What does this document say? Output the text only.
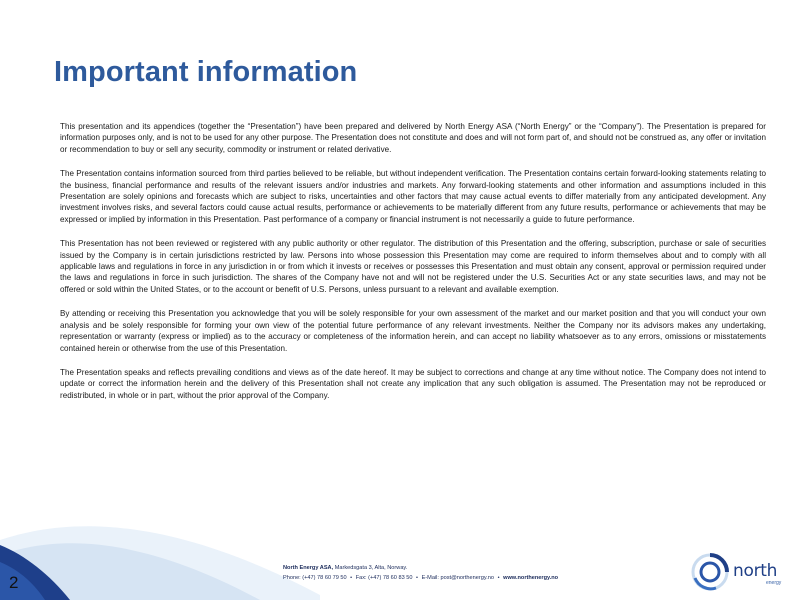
Important information

This presentation and its appendices (together the “Presentation”) have been prepared and delivered by North Energy ASA (“North Energy” or the “Company”). The Presentation is prepared for information purposes only, and is not to be used for any other purpose. The Presentation does not constitute and does and will not form part of, and should not be construed as, any offer or invitation or recommendation to buy or sell any security, commodity or instrument or related derivative.

The Presentation contains information sourced from third parties believed to be reliable, but without independent verification. The Presentation contains certain forward-looking statements relating to the business, financial performance and results of the relevant issuers and/or industries and markets. Any forward-looking statements and other information and assumptions included in this Presentation are solely opinions and forecasts which are subject to risks, uncertainties and other factors that may cause actual events to differ materially from any anticipated development. Any investment involves risks, and several factors could cause actual results, performance or achievements to be materially different from any future results, performance or achievements that may be expressed or implied by information in this Presentation. Past performance of a company or financial instrument is not necessarily a guide to future performance.

This Presentation has not been reviewed or registered with any public authority or other regulator. The distribution of this Presentation and the offering, subscription, purchase or sale of securities issued by the Company is in certain jurisdictions restricted by law. Persons into whose possession this Presentation may come are required to inform themselves about and to comply with all applicable laws and regulations in force in any jurisdiction in or from which it invests or receives or possesses this Presentation and must obtain any consent, approval or permission required under the laws and regulations in force in such jurisdiction. The shares of the Company have not and will not be registered under the U.S. Securities Act or any state securities laws, and may not be offered or sold within the United States, or to the account or benefit of U.S. Persons, unless pursuant to a relevant and available exemption.

By attending or receiving this Presentation you acknowledge that you will be solely responsible for your own assessment of the market and our market position and that you will conduct your own analysis and be solely responsible for forming your own view of the potential future performance of any relevant investments. Neither the Company nor its advisors makes any undertaking, representation or warranty (express or implied) as to the accuracy or completeness of the information herein, and can accept no liability whatsoever as to any errors, omissions or misstatements contained herein or otherwise from the use of this Presentation.

The Presentation speaks and reflects prevailing conditions and views as of the date hereof. It may be subject to corrections and change at any time without notice. The Company does not intend to update or correct the information herein and the delivery of this Presentation shall not create any implication that any such obligation is assumed. The Presentation may not be reproduced or redistributed, in whole or in part, without the prior approval of the Company.

2
North Energy ASA, Markedsgata 3, Alta, Norway.
Phone: (+47) 78 60 79 50 • Fax: (+47) 78 60 83 50 • E-Mail: post@northenergy.no • www.northenergy.no	north
energy
